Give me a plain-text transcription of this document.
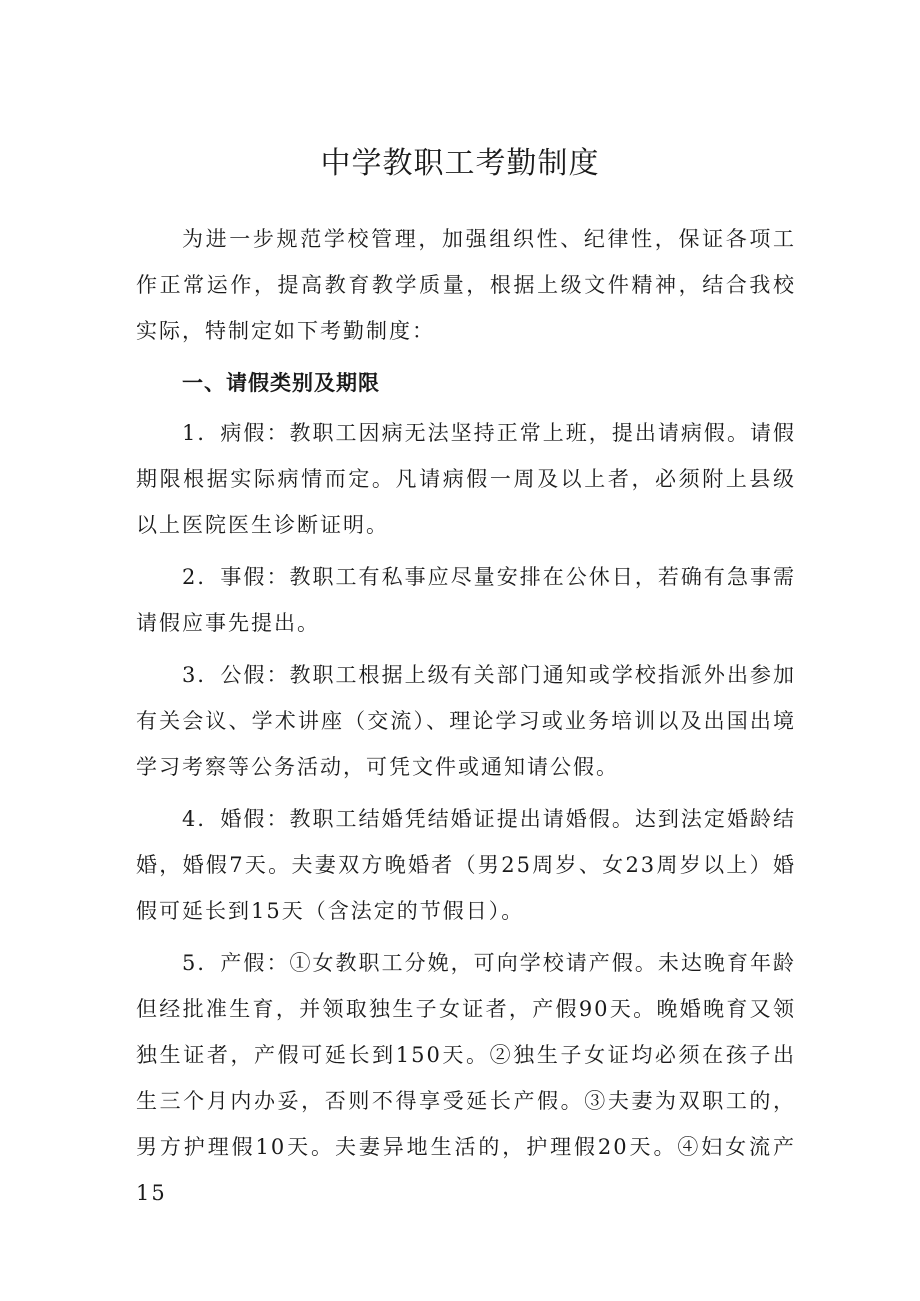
中学教职工考勤制度

为进一步规范学校管理，加强组织性、纪律性，保证各项工作正常运作，提高教育教学质量，根据上级文件精神，结合我校实际，特制定如下考勤制度：

一、请假类别及期限

1．病假：教职工因病无法坚持正常上班，提出请病假。请假期限根据实际病情而定。凡请病假一周及以上者，必须附上县级以上医院医生诊断证明。

2．事假：教职工有私事应尽量安排在公休日，若确有急事需请假应事先提出。

3．公假：教职工根据上级有关部门通知或学校指派外出参加有关会议、学术讲座（交流）、理论学习或业务培训以及出国出境学习考察等公务活动，可凭文件或通知请公假。

4．婚假：教职工结婚凭结婚证提出请婚假。达到法定婚龄结婚，婚假7天。夫妻双方晚婚者（男25周岁、女23周岁以上）婚假可延长到15天（含法定的节假日）。

5．产假：①女教职工分娩，可向学校请产假。未达晚育年龄但经批准生育，并领取独生子女证者，产假90天。晚婚晚育又领独生证者，产假可延长到150天。②独生子女证均必须在孩子出生三个月内办妥，否则不得享受延长产假。③夫妻为双职工的，男方护理假10天。夫妻异地生活的，护理假20天。④妇女流产15
